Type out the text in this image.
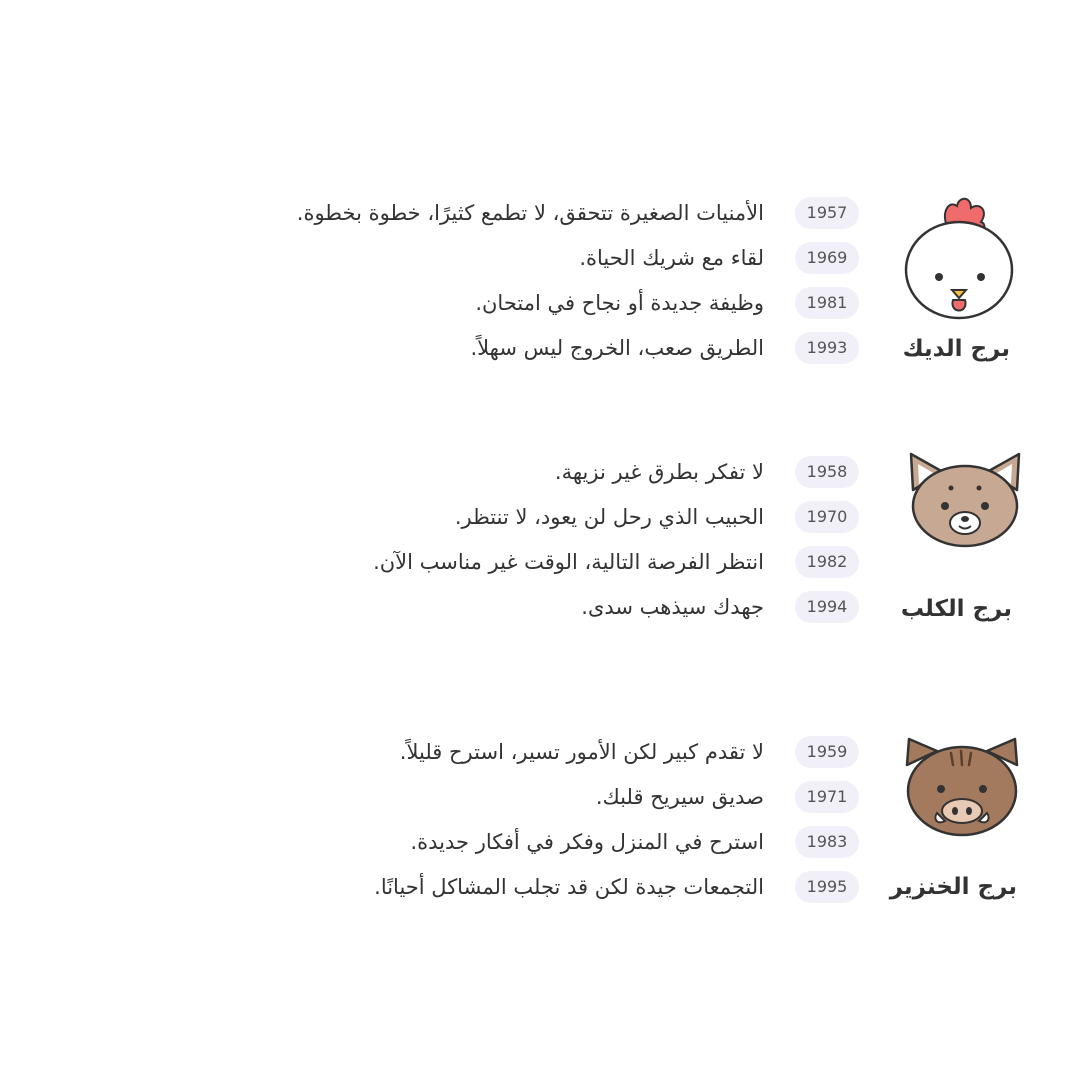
برج الديك
1957
الأمنيات الصغيرة تتحقق، لا تطمع كثيرًا، خطوة بخطوة.
1969
لقاء مع شريك الحياة.
1981
وظيفة جديدة أو نجاح في امتحان.
1993
الطريق صعب، الخروج ليس سهلاً.
برج الكلب
1958
لا تفكر بطرق غير نزيهة.
1970
الحبيب الذي رحل لن يعود، لا تنتظر.
1982
انتظر الفرصة التالية، الوقت غير مناسب الآن.
1994
جهدك سيذهب سدى.
برج الخنزير
1959
لا تقدم كبير لكن الأمور تسير، استرح قليلاً.
1971
صديق سيريح قلبك.
1983
استرح في المنزل وفكر في أفكار جديدة.
1995
التجمعات جيدة لكن قد تجلب المشاكل أحيانًا.
